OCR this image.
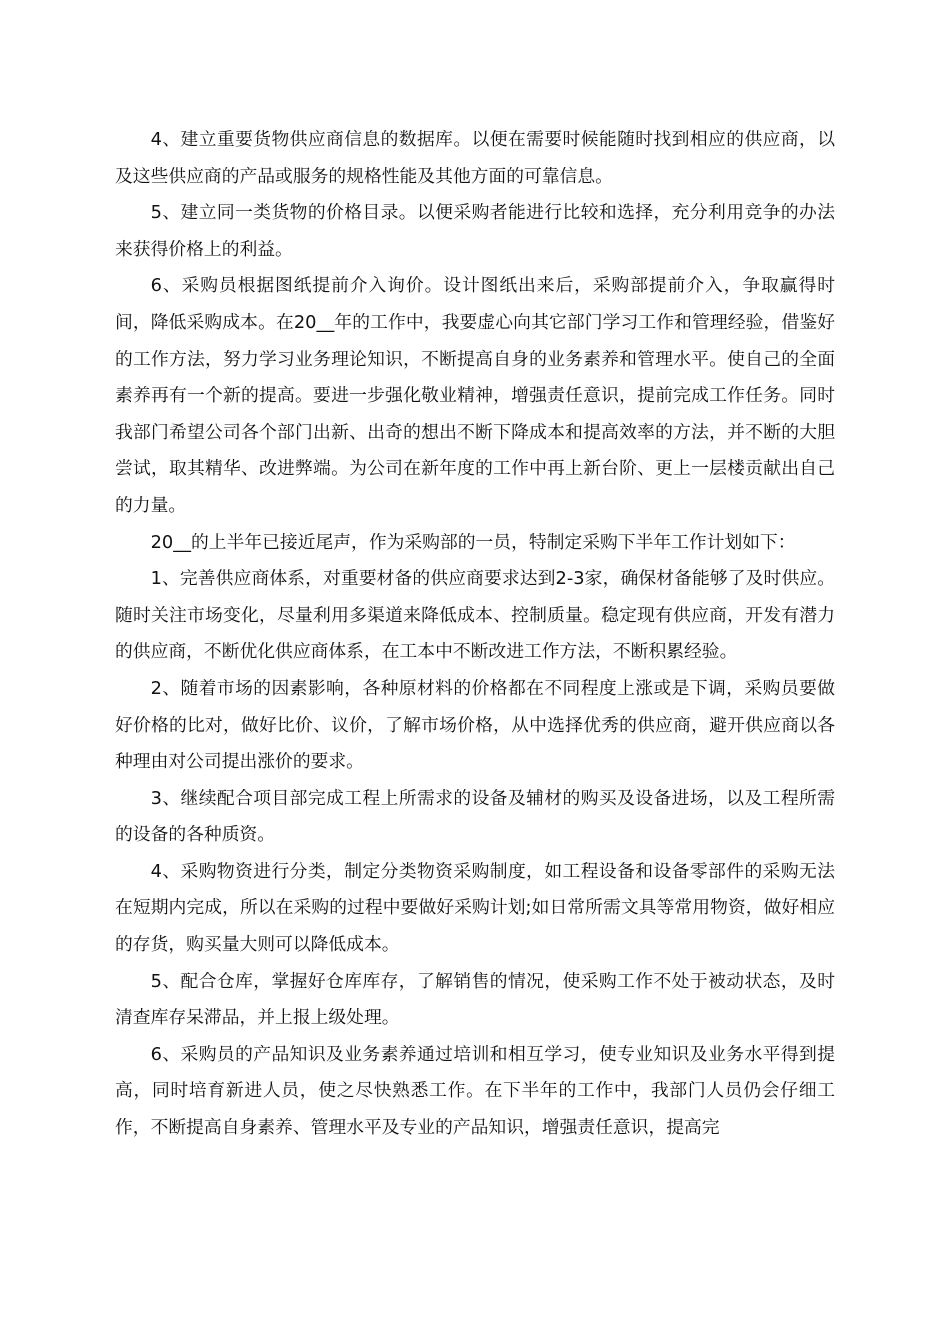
4、建立重要货物供应商信息的数据库。以便在需要时候能随时找到相应的供应商，以及这些供应商的产品或服务的规格性能及其他方面的可靠信息。

5、建立同一类货物的价格目录。以便采购者能进行比较和选择，充分利用竞争的办法来获得价格上的利益。

6、采购员根据图纸提前介入询价。设计图纸出来后，采购部提前介入，争取赢得时间，降低采购成本。在20__年的工作中，我要虚心向其它部门学习工作和管理经验，借鉴好的工作方法，努力学习业务理论知识，不断提高自身的业务素养和管理水平。使自己的全面素养再有一个新的提高。要进一步强化敬业精神，增强责任意识，提前完成工作任务。同时我部门希望公司各个部门出新、出奇的想出不断下降成本和提高效率的方法，并不断的大胆尝试，取其精华、改进弊端。为公司在新年度的工作中再上新台阶、更上一层楼贡献出自己的力量。

20__的上半年已接近尾声，作为采购部的一员，特制定采购下半年工作计划如下：

1、完善供应商体系，对重要材备的供应商要求达到2-3家，确保材备能够了及时供应。随时关注市场变化，尽量利用多渠道来降低成本、控制质量。稳定现有供应商，开发有潜力的供应商，不断优化供应商体系，在工本中不断改进工作方法，不断积累经验。

2、随着市场的因素影响，各种原材料的价格都在不同程度上涨或是下调，采购员要做好价格的比对，做好比价、议价，了解市场价格，从中选择优秀的供应商，避开供应商以各种理由对公司提出涨价的要求。

3、继续配合项目部完成工程上所需求的设备及辅材的购买及设备进场，以及工程所需的设备的各种质资。

4、采购物资进行分类，制定分类物资采购制度，如工程设备和设备零部件的采购无法在短期内完成，所以在采购的过程中要做好采购计划;如日常所需文具等常用物资，做好相应的存货，购买量大则可以降低成本。

5、配合仓库，掌握好仓库库存，了解销售的情况，使采购工作不处于被动状态，及时清查库存呆滞品，并上报上级处理。

6、采购员的产品知识及业务素养通过培训和相互学习，使专业知识及业务水平得到提高，同时培育新进人员，使之尽快熟悉工作。在下半年的工作中，我部门人员仍会仔细工作，不断提高自身素养、管理水平及专业的产品知识，增强责任意识，提高完
